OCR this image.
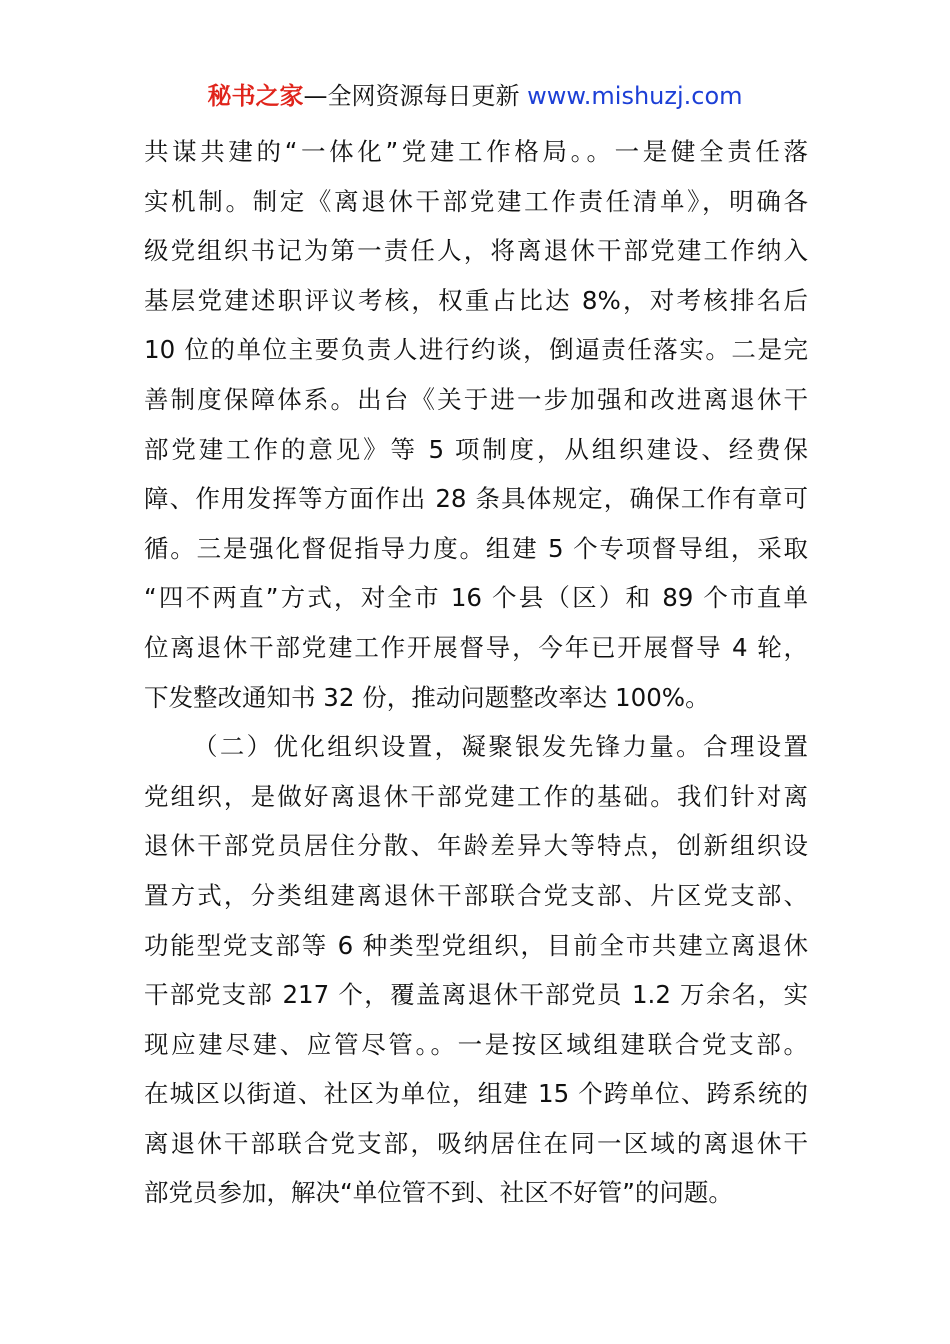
秘书之家—全网资源每日更新 www.mishuzj.com
共谋共建的“一体化”党建工作格局。。一是健全责任落
实机制。制定《离退休干部党建工作责任清单》，明确各
级党组织书记为第一责任人，将离退休干部党建工作纳入
基层党建述职评议考核，权重占比达 8%，对考核排名后
10 位的单位主要负责人进行约谈，倒逼责任落实。二是完
善制度保障体系。出台《关于进一步加强和改进离退休干
部党建工作的意见》等 5 项制度，从组织建设、经费保
障、作用发挥等方面作出 28 条具体规定，确保工作有章可
循。三是强化督促指导力度。组建 5 个专项督导组，采取
“四不两直”方式，对全市 16 个县（区）和 89 个市直单
位离退休干部党建工作开展督导，今年已开展督导 4 轮，
下发整改通知书 32 份，推动问题整改率达 100%。
（二）优化组织设置，凝聚银发先锋力量。合理设置
党组织，是做好离退休干部党建工作的基础。我们针对离
退休干部党员居住分散、年龄差异大等特点，创新组织设
置方式，分类组建离退休干部联合党支部、片区党支部、
功能型党支部等 6 种类型党组织，目前全市共建立离退休
干部党支部 217 个，覆盖离退休干部党员 1.2 万余名，实
现应建尽建、应管尽管。。一是按区域组建联合党支部。
在城区以街道、社区为单位，组建 15 个跨单位、跨系统的
离退休干部联合党支部，吸纳居住在同一区域的离退休干
部党员参加，解决“单位管不到、社区不好管”的问题。
